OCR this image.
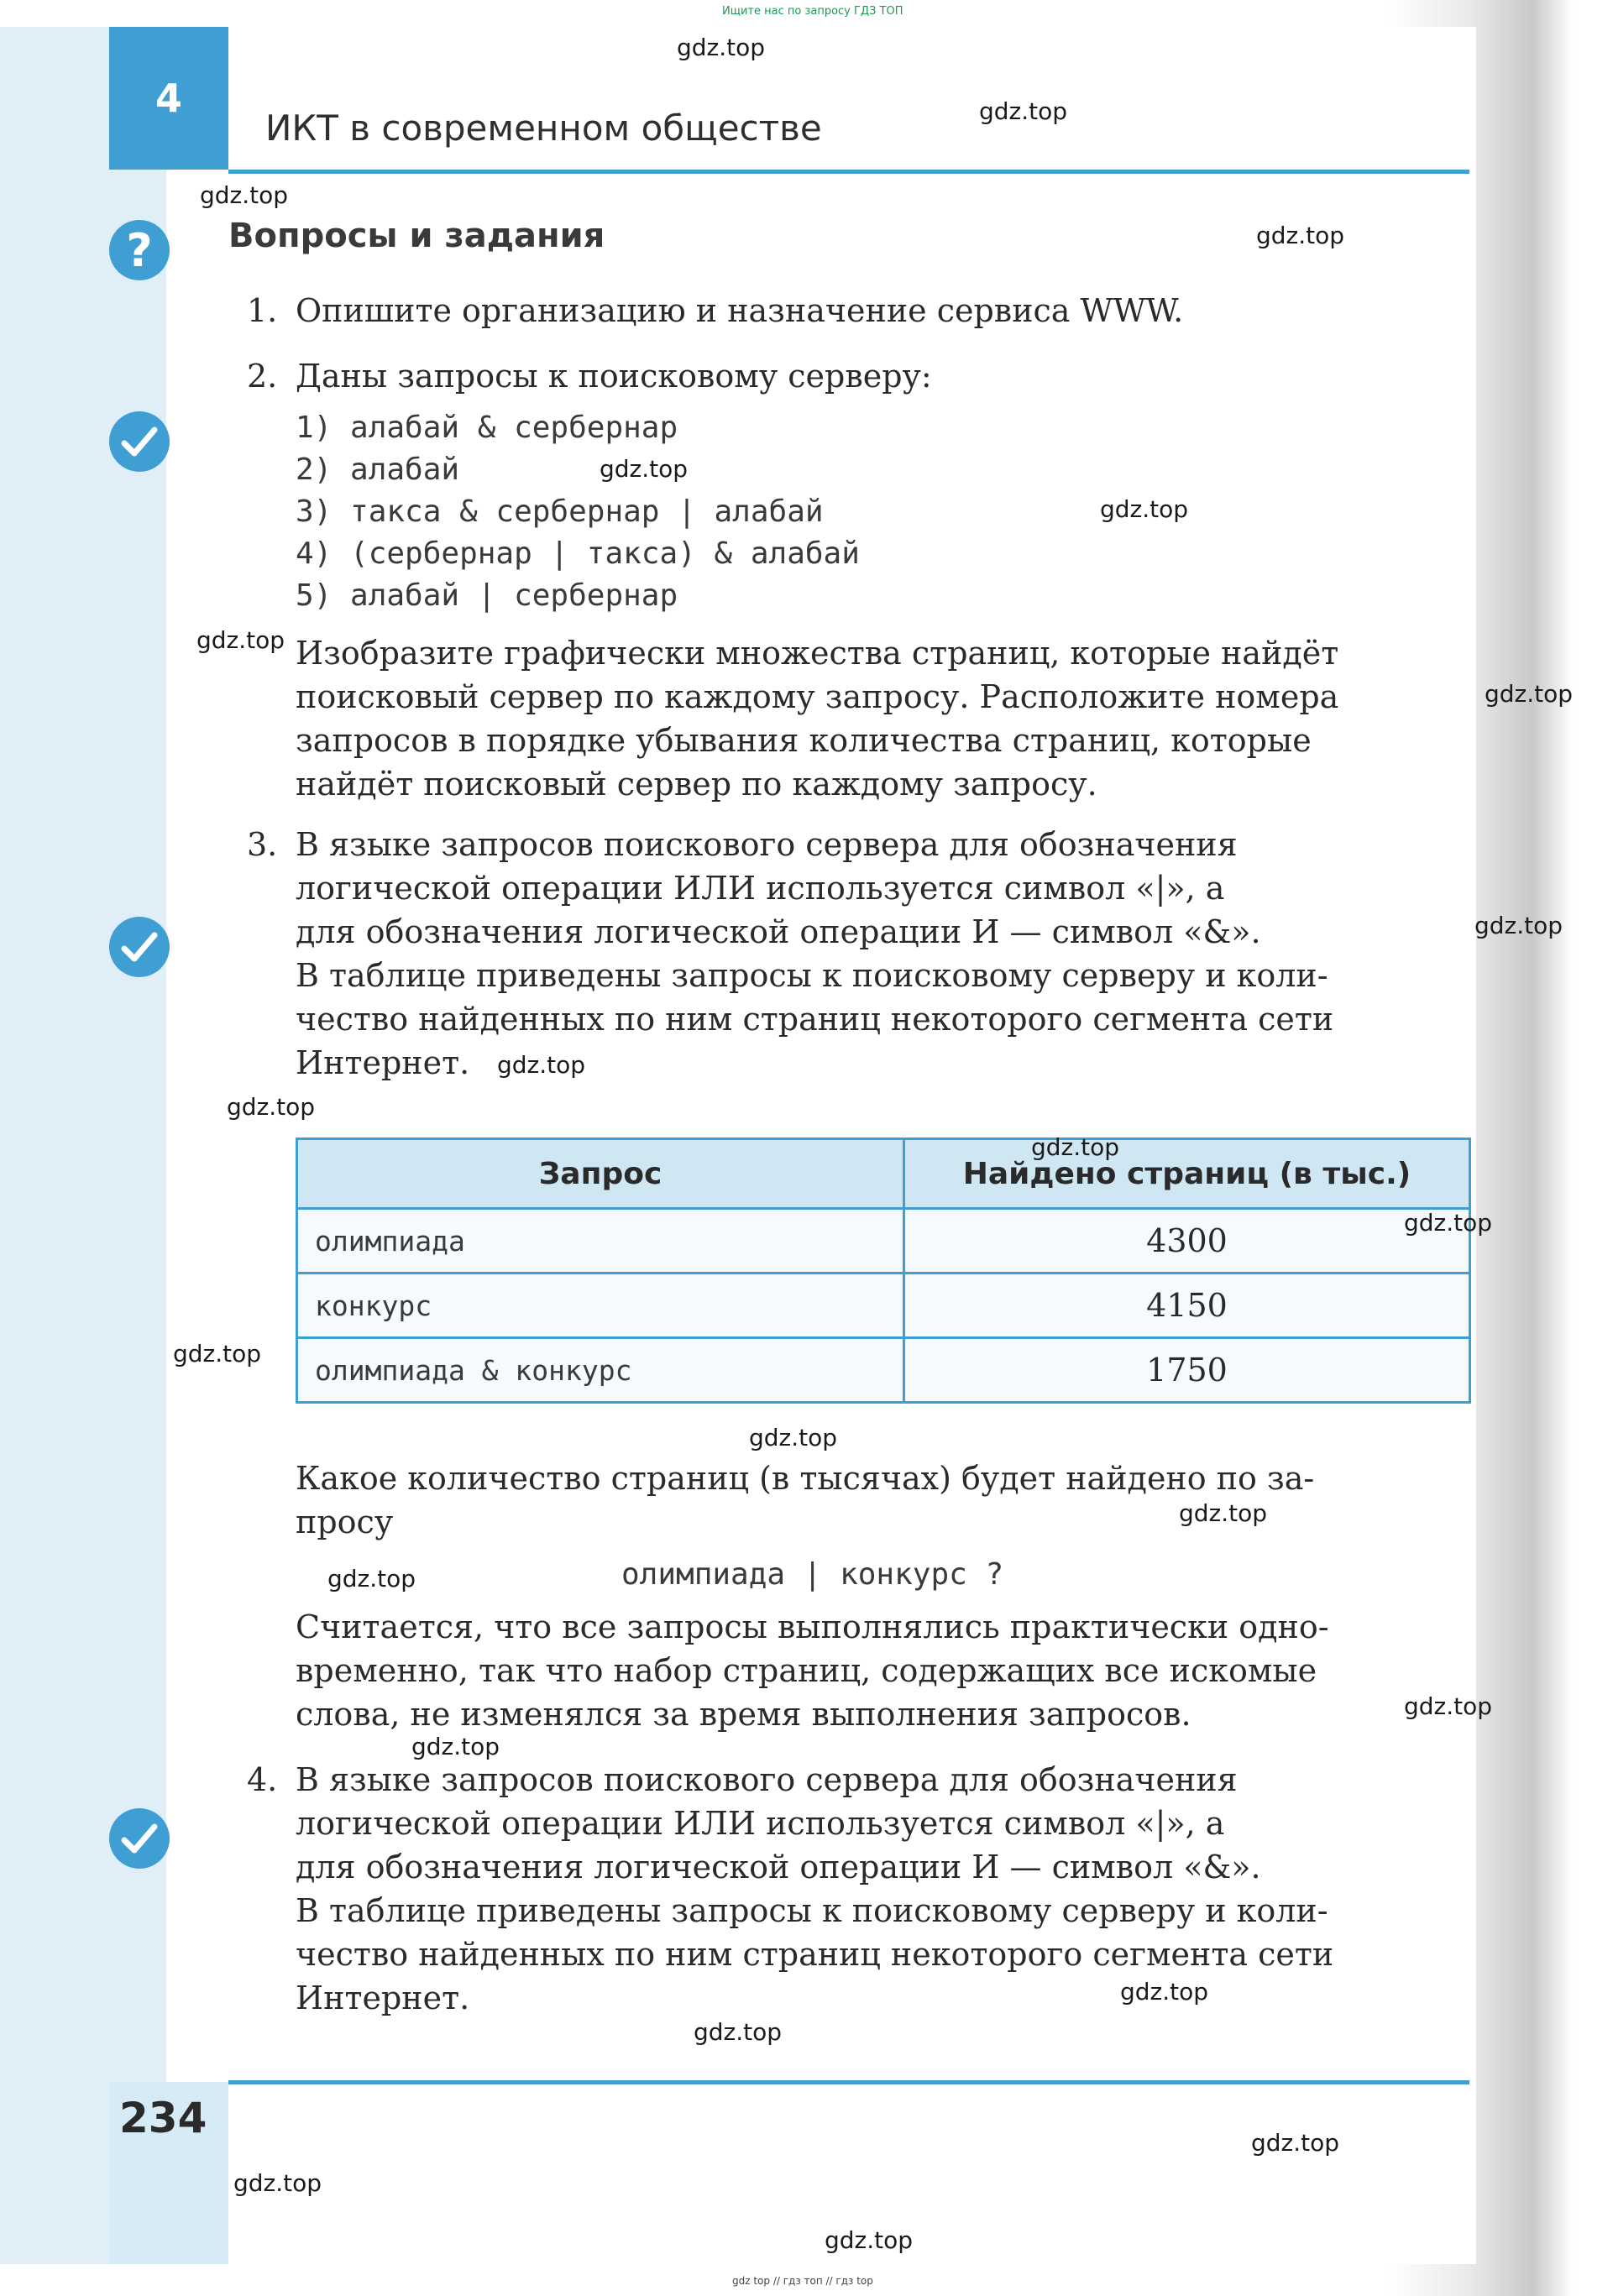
Ищите нас по запросу ГДЗ ТОП
4
ИКТ в современном обществе
?	Вопросы и задания
1. Опишите организацию и назначение сервиса WWW.
2. Даны запросы к поисковому серверу:
1) алабай & сербернар
2) алабай
3) такса & сербернар | алабай
4) (сербернар | такса) & алабай
5) алабай | сербернар
Изобразите графически множества страниц, которые найдёт
поисковый сервер по каждому запросу. Расположите номера
запросов в порядке убывания количества страниц, которые
найдёт поисковый сервер по каждому запросу.
3. В языке запросов поискового сервера для обозначения
логической операции ИЛИ используется символ «|», а
для обозначения логической операции И — символ «&».
В таблице приведены запросы к поисковому серверу и коли-
чество найденных по ним страниц некоторого сегмента сети
Интернет.
Запрос	Найдено страниц (в тыс.)
олимпиада	4300
конкурс	4150
олимпиада & конкурс	1750
Какое количество страниц (в тысячах) будет найдено по за-
просу
олимпиада | конкурс ?
Считается, что все запросы выполнялись практически одно-
временно, так что набор страниц, содержащих все искомые
слова, не изменялся за время выполнения запросов.
4. В языке запросов поискового сервера для обозначения
логической операции ИЛИ используется символ «|», а
для обозначения логической операции И — символ «&».
В таблице приведены запросы к поисковому серверу и коли-
чество найденных по ним страниц некоторого сегмента сети
Интернет.
234
gdz.top
gdz.top
gdz.top
gdz.top
gdz.top
gdz.top
gdz.top
gdz.top
gdz.top
gdz.top
gdz.top
gdz.top
gdz.top
gdz.top
gdz.top
gdz.top
gdz.top
gdz.top
gdz.top
gdz.top
gdz.top
gdz.top
gdz.top
gdz.top
gdz top // гдз топ // гдз top
